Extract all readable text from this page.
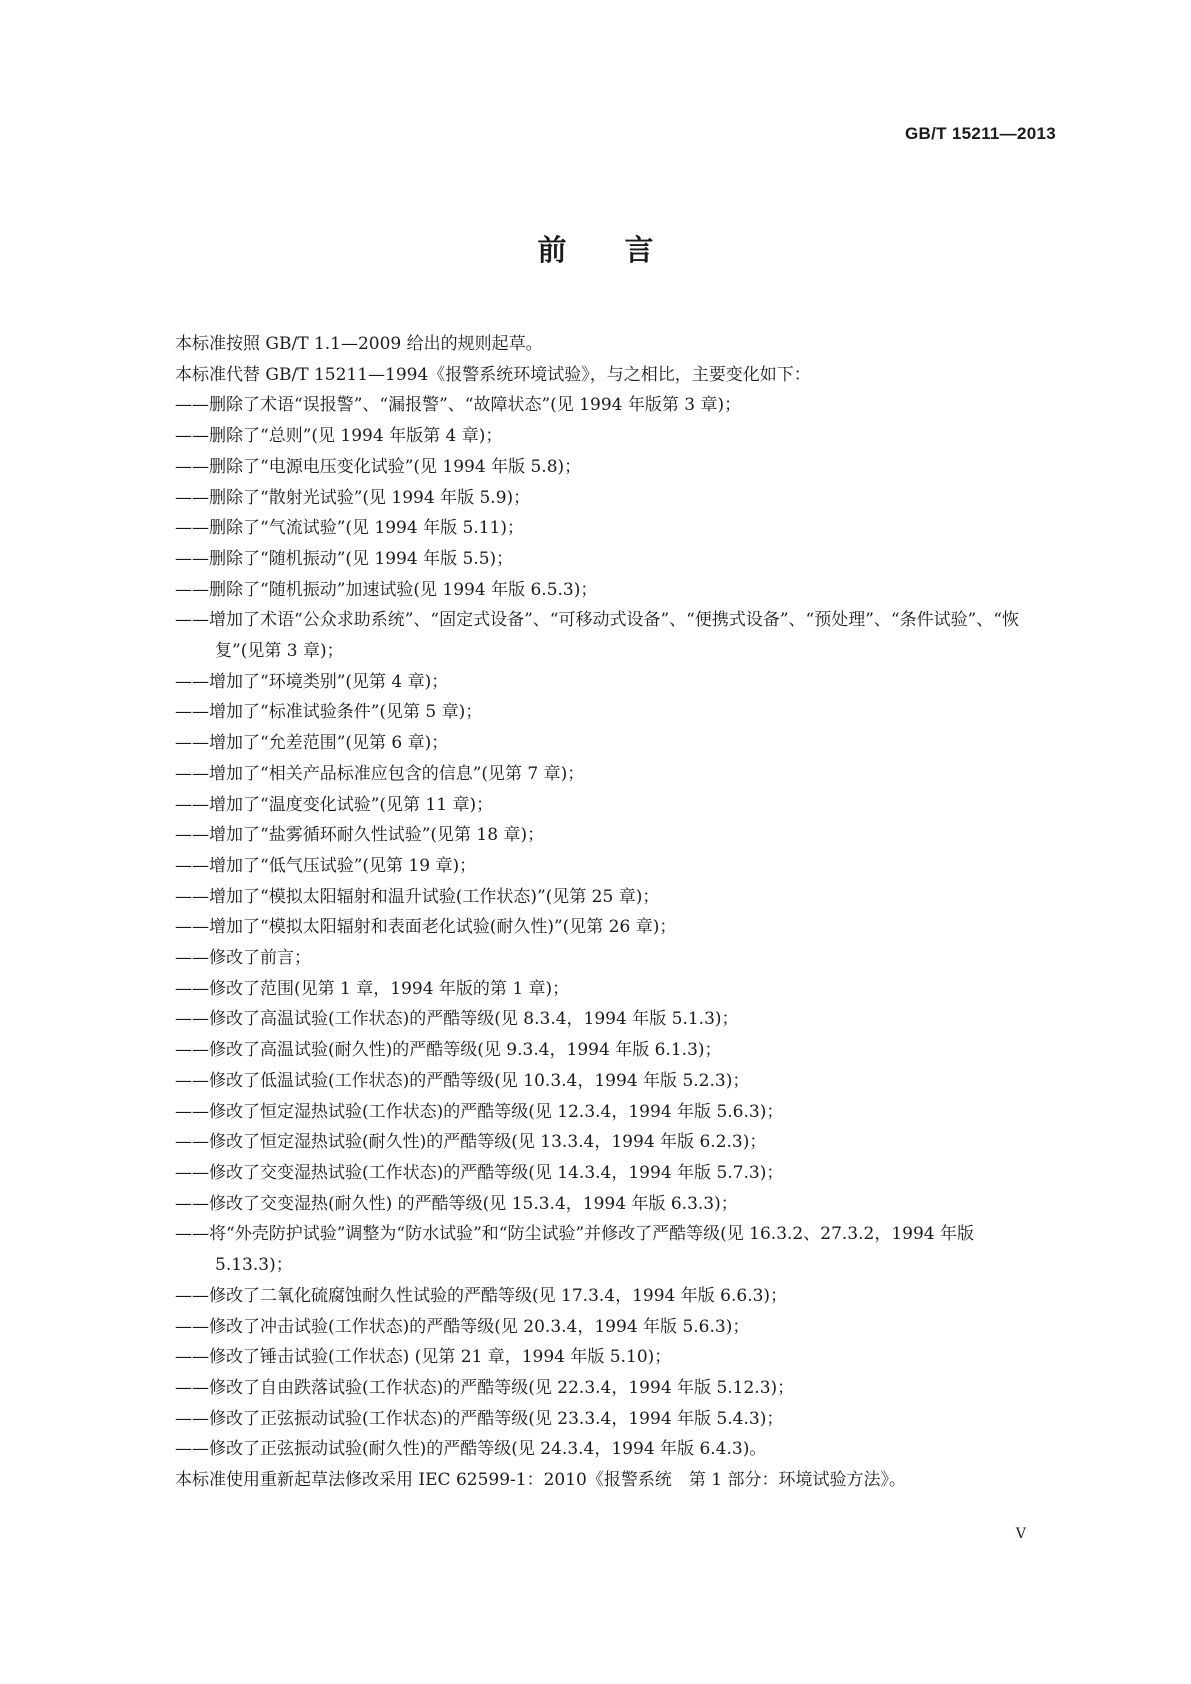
GB/T 15211—2013
前言

本标准按照 GB/T 1.1—2009 给出的规则起草。

本标准代替 GB/T 15211—1994《报警系统环境试验》，与之相比，主要变化如下：

——删除了术语“误报警”、“漏报警”、“故障状态”(见 1994 年版第 3 章)；

——删除了“总则”(见 1994 年版第 4 章)；

——删除了“电源电压变化试验”(见 1994 年版 5.8)；

——删除了“散射光试验”(见 1994 年版 5.9)；

——删除了“气流试验”(见 1994 年版 5.11)；

——删除了“随机振动”(见 1994 年版 5.5)；

——删除了“随机振动”加速试验(见 1994 年版 6.5.3)；

——增加了术语“公众求助系统”、“固定式设备”、“可移动式设备”、“便携式设备”、“预处理”、“条件试验”、“恢复”(见第 3 章)；

——增加了“环境类别”(见第 4 章)；

——增加了“标准试验条件”(见第 5 章)；

——增加了“允差范围”(见第 6 章)；

——增加了“相关产品标准应包含的信息”(见第 7 章)；

——增加了“温度变化试验”(见第 11 章)；

——增加了“盐雾循环耐久性试验”(见第 18 章)；

——增加了“低气压试验”(见第 19 章)；

——增加了“模拟太阳辐射和温升试验(工作状态)”(见第 25 章)；

——增加了“模拟太阳辐射和表面老化试验(耐久性)”(见第 26 章)；

——修改了前言；

——修改了范围(见第 1 章，1994 年版的第 1 章)；

——修改了高温试验(工作状态)的严酷等级(见 8.3.4，1994 年版 5.1.3)；

——修改了高温试验(耐久性)的严酷等级(见 9.3.4，1994 年版 6.1.3)；

——修改了低温试验(工作状态)的严酷等级(见 10.3.4，1994 年版 5.2.3)；

——修改了恒定湿热试验(工作状态)的严酷等级(见 12.3.4，1994 年版 5.6.3)；

——修改了恒定湿热试验(耐久性)的严酷等级(见 13.3.4，1994 年版 6.2.3)；

——修改了交变湿热试验(工作状态)的严酷等级(见 14.3.4，1994 年版 5.7.3)；

——修改了交变湿热(耐久性) 的严酷等级(见 15.3.4，1994 年版 6.3.3)；

——将“外壳防护试验”调整为“防水试验”和“防尘试验”并修改了严酷等级(见 16.3.2、27.3.2，1994 年版 5.13.3)；

——修改了二氧化硫腐蚀耐久性试验的严酷等级(见 17.3.4，1994 年版 6.6.3)；

——修改了冲击试验(工作状态)的严酷等级(见 20.3.4，1994 年版 5.6.3)；

——修改了锤击试验(工作状态) (见第 21 章，1994 年版 5.10)；

——修改了自由跌落试验(工作状态)的严酷等级(见 22.3.4，1994 年版 5.12.3)；

——修改了正弦振动试验(工作状态)的严酷等级(见 23.3.4，1994 年版 5.4.3)；

——修改了正弦振动试验(耐久性)的严酷等级(见 24.3.4，1994 年版 6.4.3)。

本标准使用重新起草法修改采用 IEC 62599-1：2010《报警系统　第 1 部分：环境试验方法》。

V
